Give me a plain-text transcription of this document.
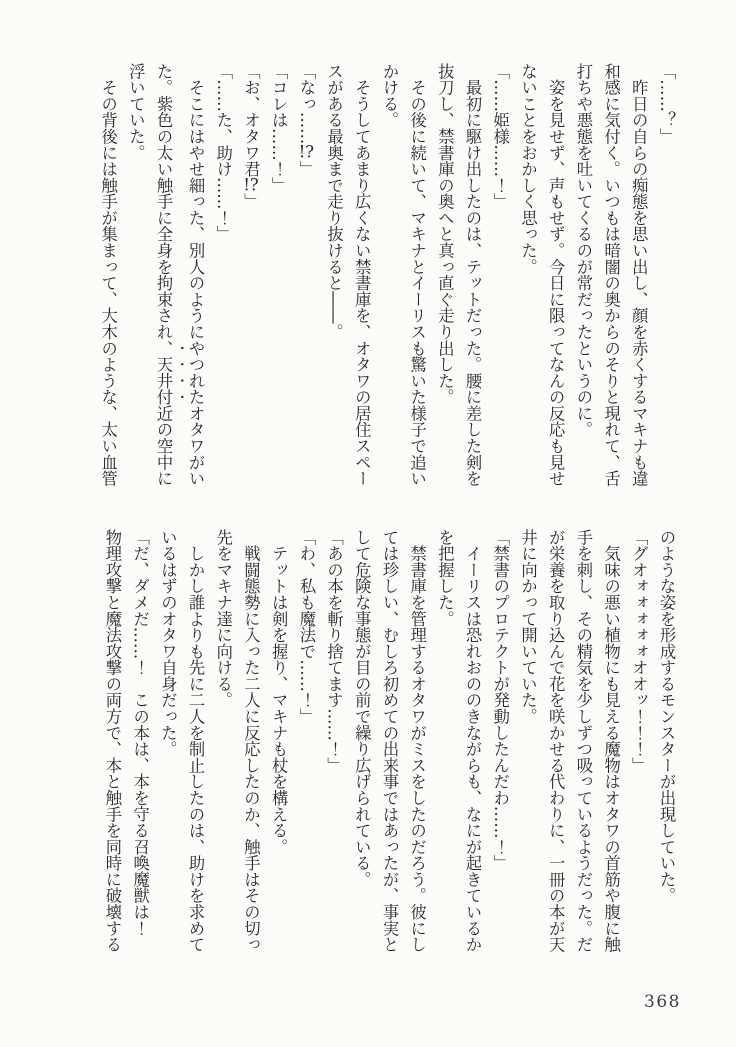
「……？」

　昨日の自らの痴態を思い出し、顔を赤くするマキナも違

和感に気付く。いつもは暗闇の奥からのそりと現れて、舌

打ちや悪態を吐いてくるのが常だったというのに。

　姿を見せず、声もせず。今日に限ってなんの反応も見せ

ないことをおかしく思った。

「……姫様……！」

　最初に駆け出したのは、テットだった。腰に差した剣を

抜刀し、禁書庫の奥へと真っ直ぐ走り出した。

　その後に続いて、マキナとイーリスも驚いた様子で追い

かける。

　そうしてあまり広くない禁書庫を、オタワの居住スペー

スがある最奥まで走り抜けると――。

「なっ……!?」

「コレは……！」

「お、オタワ君!?」

「……た、助け……！」

　そこにはやせ細った、別人のようにやつれたオタワがい

た。紫色の太い触手に全身を拘束され、天井付近の空中に

浮いていた。

　その背後には触手が集まって、大木のような、太い血管

のような姿を形成するモンスターが出現していた。

「グオォォォォォオオッ！！！」

　気味の悪い植物にも見える魔物はオタワの首筋や腹に触

手を刺し、その精気を少しずつ吸っているようだった。だ

が栄養を取り込んで花を咲かせる代わりに、一冊の本が天

井に向かって開いていた。

「禁書のプロテクトが発動したんだわ……！」

　イーリスは恐れおののきながらも、なにが起きているか

を把握した。

　禁書庫を管理するオタワがミスをしたのだろう。彼にし

ては珍しい、むしろ初めての出来事ではあったが、事実と

して危険な事態が目の前で繰り広げられている。

「あの本を斬り捨てます……！」

「わ、私も魔法で……！」

　テットは剣を握り、マキナも杖を構える。

　戦闘態勢に入った二人に反応したのか、触手はその切っ

先をマキナ達に向ける。

　しかし誰よりも先に二人を制止したのは、助けを求めて

いるはずのオタワ自身だった。

「だ、ダメだ……！　この本は、本を守る召喚魔獣は！

物理攻撃と魔法攻撃の両方で、本と触手を同時に破壊する

368
